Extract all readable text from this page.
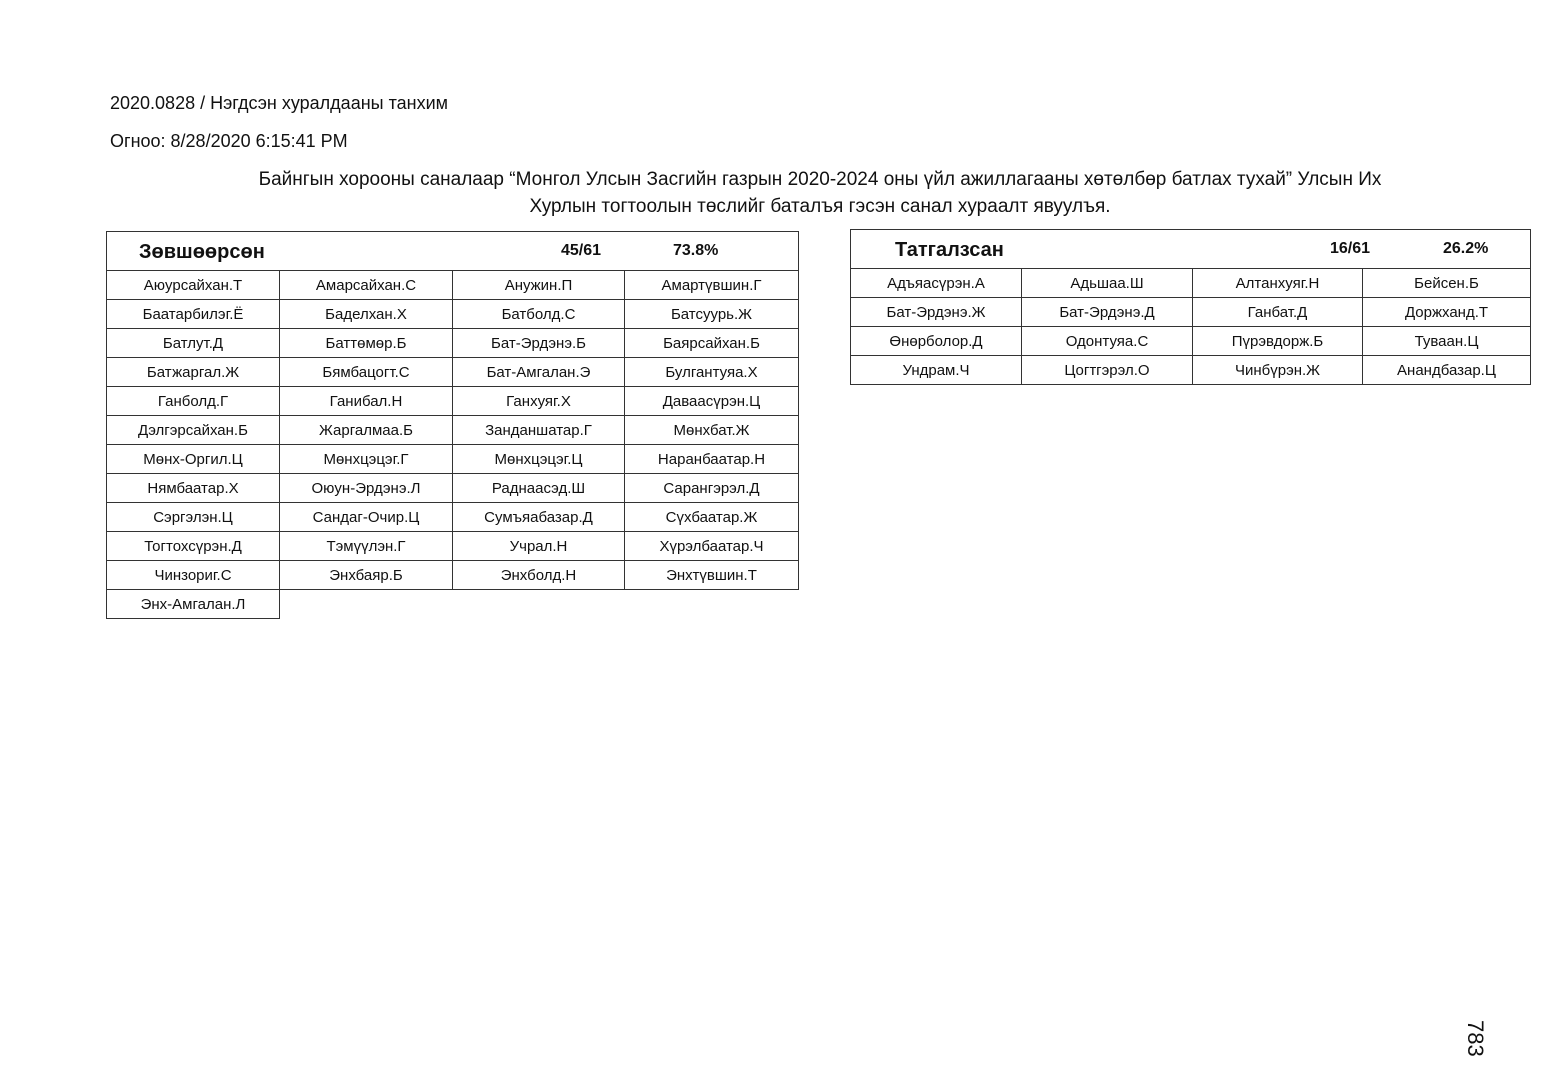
2020.0828 / Нэгдсэн хуралдааны танхим
Огноо: 8/28/2020 6:15:41 PM
Байнгын хорооны саналаар “Монгол Улсын Засгийн газрын 2020-2024 оны үйл ажиллагааны хөтөлбөр батлах тухай” Улсын Их
Хурлын тогтоолын төслийг баталъя гэсэн санал хураалт явуулъя.
Зөвшөөрсөн 45/61 73.8%			

Аюурсайхан.Т	Амарсайхан.С	Анужин.П	Амартүвшин.Г
Баатарбилэг.Ё	Баделхан.Х	Батболд.С	Батсуурь.Ж
Батлут.Д	Баттөмөр.Б	Бат-Эрдэнэ.Б	Баярсайхан.Б
Батжаргал.Ж	Бямбацогт.С	Бат-Амгалан.Э	Булгантуяа.Х
Ганболд.Г	Ганибал.Н	Ганхуяг.Х	Даваасүрэн.Ц
Дэлгэрсайхан.Б	Жаргалмаа.Б	Занданшатар.Г	Мөнхбат.Ж
Мөнх-Оргил.Ц	Мөнхцэцэг.Г	Мөнхцэцэг.Ц	Наранбаатар.Н
Нямбаатар.Х	Оюун-Эрдэнэ.Л	Раднаасэд.Ш	Сарангэрэл.Д
Сэргэлэн.Ц	Сандаг-Очир.Ц	Сумъяабазар.Д	Сүхбаатар.Ж
Тогтохсүрэн.Д	Тэмүүлэн.Г	Учрал.Н	Хүрэлбаатар.Ч
Чинзориг.С	Энхбаяр.Б	Энхболд.Н	Энхтүвшин.Т
Энх-Амгалан.Л			
Татгалзсан 16/61 26.2%			

Адъяасүрэн.А	Адьшаа.Ш	Алтанхуяг.Н	Бейсен.Б
Бат-Эрдэнэ.Ж	Бат-Эрдэнэ.Д	Ганбат.Д	Доржханд.Т
Өнөрболор.Д	Одонтуяа.С	Пүрэвдорж.Б	Туваан.Ц
Ундрам.Ч	Цогтгэрэл.О	Чинбүрэн.Ж	Анандбазар.Ц
783
